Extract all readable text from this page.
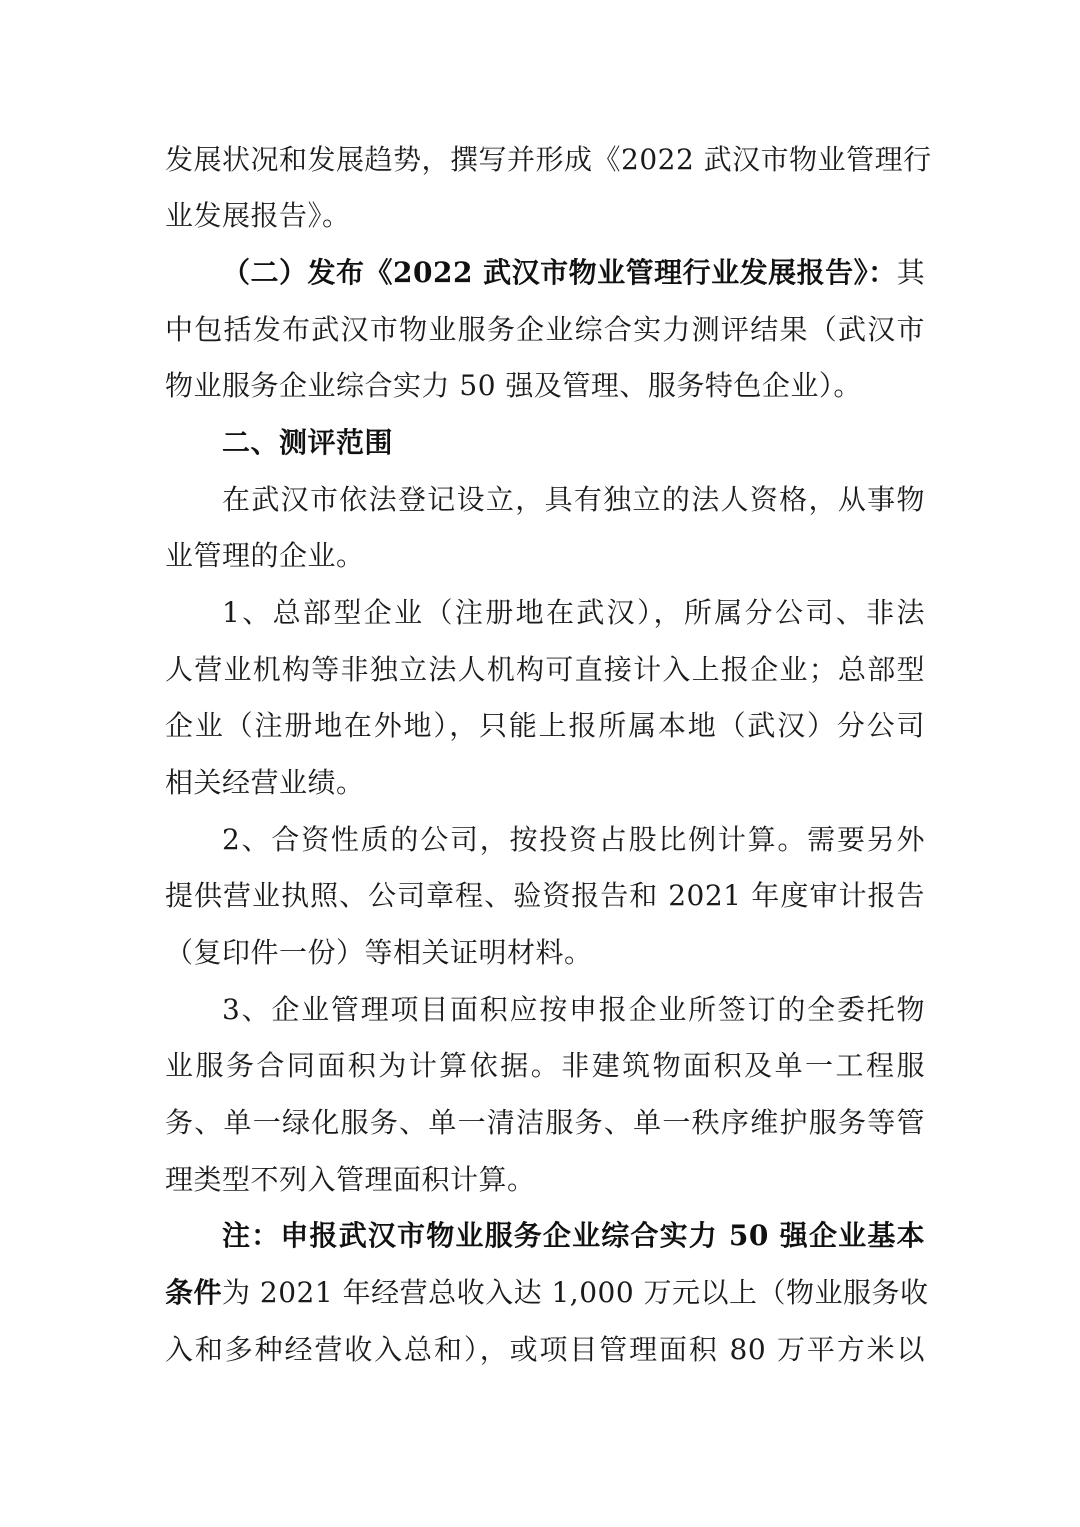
发展状况和发展趋势，撰写并形成《2022 武汉市物业管理行
业发展报告》。
（二）发布《2022 武汉市物业管理行业发展报告》：其
中包括发布武汉市物业服务企业综合实力测评结果（武汉市
物业服务企业综合实力 50 强及管理、服务特色企业）。
二、测评范围
在武汉市依法登记设立，具有独立的法人资格，从事物
业管理的企业。
1、总部型企业（注册地在武汉），所属分公司、非法
人营业机构等非独立法人机构可直接计入上报企业；总部型
企业（注册地在外地），只能上报所属本地（武汉）分公司
相关经营业绩。
2、合资性质的公司，按投资占股比例计算。需要另外
提供营业执照、公司章程、验资报告和 2021 年度审计报告
（复印件一份）等相关证明材料。
3、企业管理项目面积应按申报企业所签订的全委托物
业服务合同面积为计算依据。非建筑物面积及单一工程服
务、单一绿化服务、单一清洁服务、单一秩序维护服务等管
理类型不列入管理面积计算。
注：申报武汉市物业服务企业综合实力 50 强企业基本
条件为 2021 年经营总收入达 1,000 万元以上（物业服务收
入和多种经营收入总和），或项目管理面积 80 万平方米以
